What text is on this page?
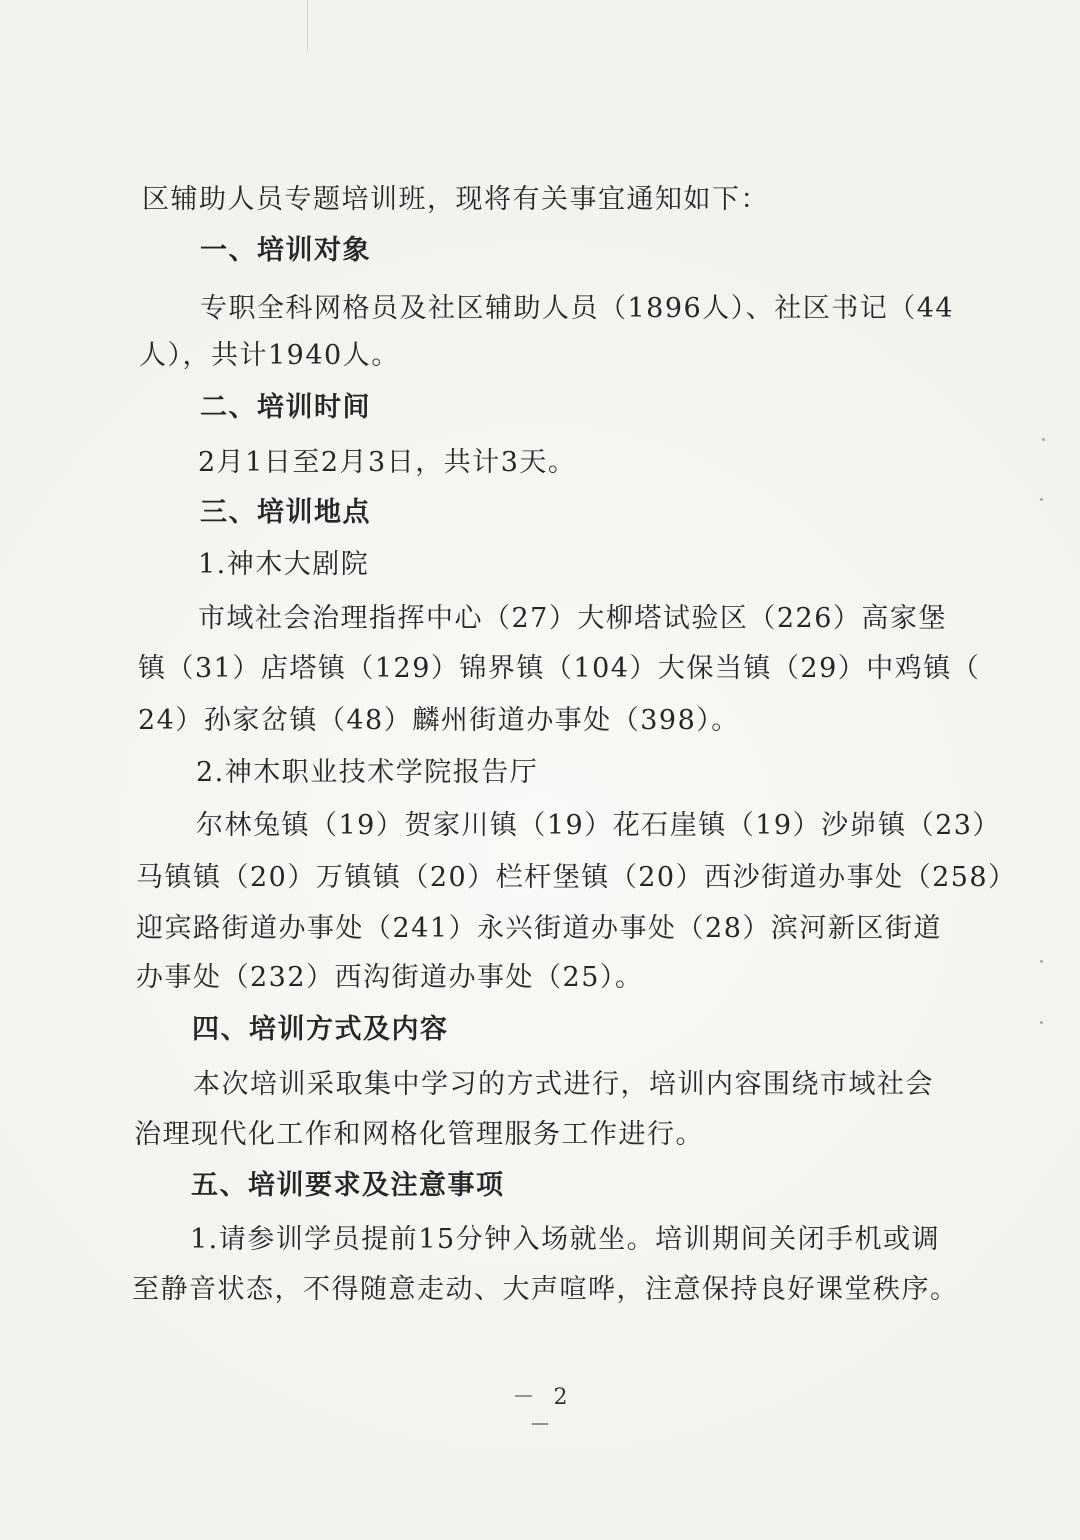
区辅助人员专题培训班，现将有关事宜通知如下：
一、培训对象
专职全科网格员及社区辅助人员（1896人）、社区书记（44
人），共计1940人。
二、培训时间
2月1日至2月3日，共计3天。
三、培训地点
1.神木大剧院
市域社会治理指挥中心（27）大柳塔试验区（226）高家堡
镇（31）店塔镇（129）锦界镇（104）大保当镇（29）中鸡镇（
24）孙家岔镇（48）麟州街道办事处（398）。
2.神木职业技术学院报告厅
尔林兔镇（19）贺家川镇（19）花石崖镇（19）沙峁镇（23）
马镇镇（20）万镇镇（20）栏杆堡镇（20）西沙街道办事处（258）
迎宾路街道办事处（241）永兴街道办事处（28）滨河新区街道
办事处（232）西沟街道办事处（25）。
四、培训方式及内容
本次培训采取集中学习的方式进行，培训内容围绕市域社会
治理现代化工作和网格化管理服务工作进行。
五、培训要求及注意事项
1.请参训学员提前15分钟入场就坐。培训期间关闭手机或调
至静音状态，不得随意走动、大声喧哗，注意保持良好课堂秩序。
－ 2 －
